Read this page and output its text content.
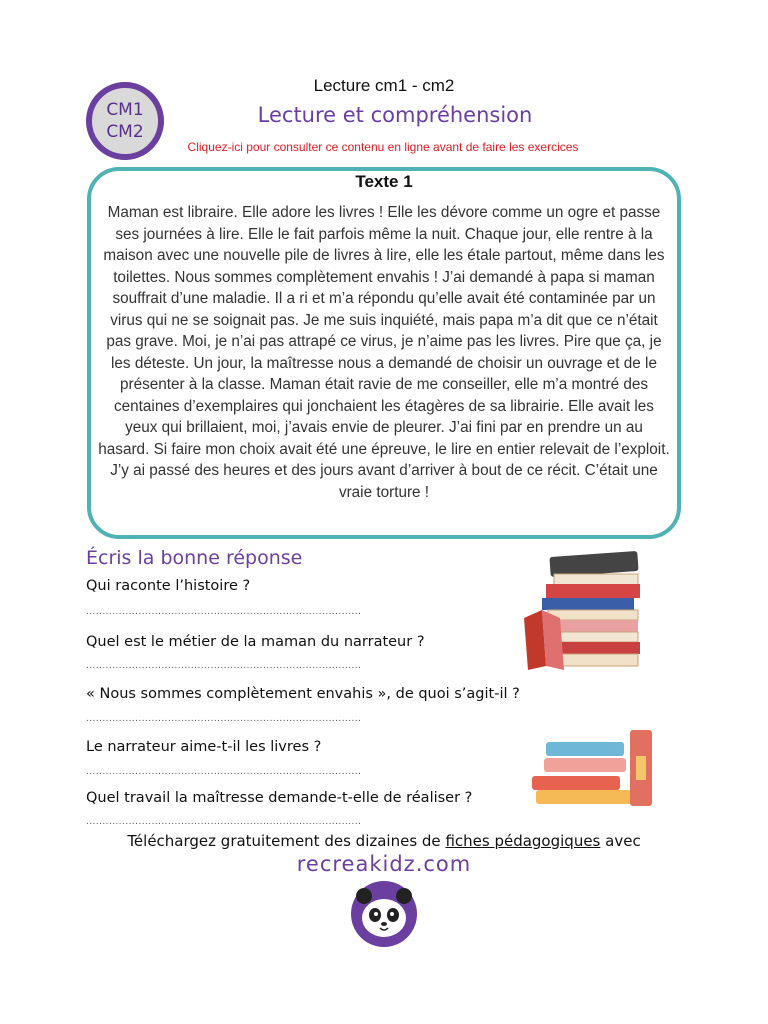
CM1
CM2
Lecture cm1 - cm2
Lecture et compréhension
Cliquez-ici pour consulter ce contenu en ligne avant de faire les exercices
Texte 1
Maman est libraire. Elle adore les livres ! Elle les dévore comme un ogre et passe ses journées à lire. Elle le fait parfois même la nuit. Chaque jour, elle rentre à la maison avec une nouvelle pile de livres à lire, elle les étale partout, même dans les toilettes. Nous sommes complètement envahis ! J’ai demandé à papa si maman souffrait d’une maladie. Il a ri et m’a répondu qu’elle avait été contaminée par un virus qui ne se soignait pas. Je me suis inquiété, mais papa m’a dit que ce n’était pas grave. Moi, je n’ai pas attrapé ce virus, je n’aime pas les livres. Pire que ça, je les déteste. Un jour, la maîtresse nous a demandé de choisir un ouvrage et de le présenter à la classe. Maman était ravie de me conseiller, elle m’a montré des centaines d’exemplaires qui jonchaient les étagères de sa librairie. Elle avait les yeux qui brillaient, moi, j’avais envie de pleurer. J’ai fini par en prendre un au hasard. Si faire mon choix avait été une épreuve, le lire en entier relevait de l’exploit. J’y ai passé des heures et des jours avant d’arriver à bout de ce récit. C’était une vraie torture !
Écris la bonne réponse
Qui raconte l’histoire ?
....................................................................................
Quel est le métier de la maman du narrateur ?
....................................................................................
« Nous sommes complètement envahis », de quoi s’agit-il ?
....................................................................................
Le narrateur aime-t-il les livres ?
....................................................................................
Quel travail la maîtresse demande-t-elle de réaliser ?
....................................................................................
Téléchargez gratuitement des dizaines de fiches pédagogiques avec
recreakidz.com
